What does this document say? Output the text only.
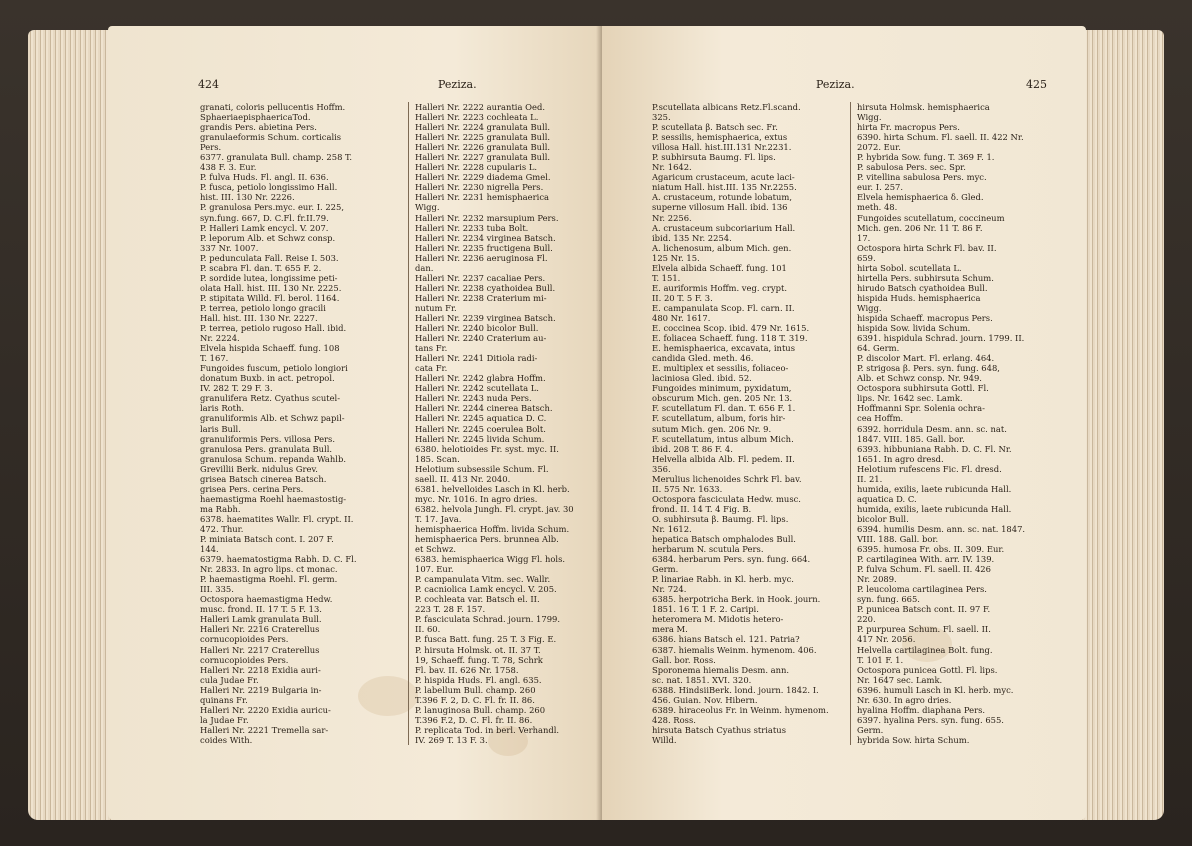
424	Peziza.
granati, coloris pellucentis Hoffm.
SphaeriaepisphaericaTod.
grandis Pers. abietina Pers.
granulaeformis Schum. corticalis
Pers.
6377. granulata Bull. champ. 258 T.
438 F. 3. Eur.
P. fulva Huds. Fl. angl. II. 636.
P. fusca, petiolo longissimo Hall.
hist. III. 130 Nr. 2226.
P. granulosa Pers.myc. eur. I. 225,
syn.fung. 667, D. C.Fl. fr.II.79.
P. Halleri Lamk encycl. V. 207.
P. leporum Alb. et Schwz consp.
337 Nr. 1007.
P. pedunculata Fall. Reise I. 503.
P. scabra Fl. dan. T. 655 F. 2.
P. sordide lutea, longissime peti-
olata Hall. hist. III. 130 Nr. 2225.
P. stipitata Willd. Fl. berol. 1164.
P. terrea, petiolo longo gracili
Hall. hist. III. 130 Nr. 2227.
P. terrea, petiolo rugoso Hall. ibid.
Nr. 2224.
Elvela hispida Schaeff. fung. 108
T. 167.
Fungoides fuscum, petiolo longiori
donatum Buxb. in act. petropol.
IV. 282 T. 29 F. 3.
granulifera Retz. Cyathus scutel-
laris Roth.
granuliformis Alb. et Schwz papil-
laris Bull.
granuliformis Pers. villosa Pers.
granulosa Pers. granulata Bull.
granulosa Schum. repanda Wahlb.
Grevillii Berk. nidulus Grev.
grisea Batsch cinerea Batsch.
grisea Pers. cerina Pers.
haemastigma Roehl haemastostig-
ma Rabh.
6378. haematites Wallr. Fl. crypt. II.
472. Thur.
P. miniata Batsch cont. I. 207 F.
144.
6379. haematostigma Rabh. D. C. Fl.
Nr. 2833. In agro lips. ct monac.
P. haemastigma Roehl. Fl. germ.
III. 335.
Octospora haemastigma Hedw.
musc. frond. II. 17 T. 5 F. 13.
Halleri Lamk granulata Bull.
Halleri Nr. 2216 Craterellus
cornucopioides Pers.
Halleri Nr. 2217 Craterellus
cornucopioides Pers.
Halleri Nr. 2218 Exidia auri-
cula Judae Fr.
Halleri Nr. 2219 Bulgaria in-
quinans Fr.
Halleri Nr. 2220 Exidia auricu-
la Judae Fr.
Halleri Nr. 2221 Tremella sar-
coides With.
Halleri Nr. 2222 aurantia Oed.
Halleri Nr. 2223 cochleata L.
Halleri Nr. 2224 granulata Bull.
Halleri Nr. 2225 granulata Bull.
Halleri Nr. 2226 granulata Bull.
Halleri Nr. 2227 granulata Bull.
Halleri Nr. 2228 cupularis L.
Halleri Nr. 2229 diadema Gmel.
Halleri Nr. 2230 nigrella Pers.
Halleri Nr. 2231 hemisphaerica
Wigg.
Halleri Nr. 2232 marsupium Pers.
Halleri Nr. 2233 tuba Bolt.
Halleri Nr. 2234 virginea Batsch.
Halleri Nr. 2235 fructigena Bull.
Halleri Nr. 2236 aeruginosa Fl.
dan.
Halleri Nr. 2237 cacaliae Pers.
Halleri Nr. 2238 cyathoidea Bull.
Halleri Nr. 2238 Craterium mi-
nutum Fr.
Halleri Nr. 2239 virginea Batsch.
Halleri Nr. 2240 bicolor Bull.
Halleri Nr. 2240 Craterium au-
tans Fr.
Halleri Nr. 2241 Ditiola radi-
cata Fr.
Halleri Nr. 2242 glabra Hoffm.
Halleri Nr. 2242 scutellata L.
Halleri Nr. 2243 nuda Pers.
Halleri Nr. 2244 cinerea Batsch.
Halleri Nr. 2245 aquatica D. C.
Halleri Nr. 2245 coerulea Bolt.
Halleri Nr. 2245 livida Schum.
6380. helotioides Fr. syst. myc. II.
185. Scan.
Helotium subsessile Schum. Fl.
saell. II. 413 Nr. 2040.
6381. helvelloides Lasch in Kl. herb.
myc. Nr. 1016. In agro dries.
6382. helvola Jungh. Fl. crypt. jav. 30
T. 17. Java.
hemisphaerica Hoffm. livida Schum.
hemisphaerica Pers. brunnea Alb.
et Schwz.
6383. hemisphaerica Wigg Fl. hols.
107. Eur.
P. campanulata Vitm. sec. Wallr.
P. cacniolica Lamk encycl. V. 205.
P. cochleata var. Batsch el. II.
223 T. 28 F. 157.
P. fasciculata Schrad. journ. 1799.
II. 60.
P. fusca Batt. fung. 25 T. 3 Fig. E.
P. hirsuta Holmsk. ot. II. 37 T.
19, Schaeff. fung. T. 78, Schrk
Fl. bav. II. 626 Nr. 1758.
P. hispida Huds. Fl. angl. 635.
P. labellum Bull. champ. 260
T.396 F. 2, D. C. Fl. fr. II. 86.
P. lanuginosa Bull. champ. 260
T.396 F.2, D. C. Fl. fr. II. 86.
P. replicata Tod. in berl. Verhandl.
IV. 269 T. 13 F. 3.
Peziza.	425
P.scutellata albicans Retz.Fl.scand.
325.
P. scutellata β. Batsch sec. Fr.
P. sessilis, hemisphaerica, extus
villosa Hall. hist.III.131 Nr.2231.
P. subhirsuta Baumg. Fl. lips.
Nr. 1642.
Agaricum crustaceum, acute laci-
niatum Hall. hist.III. 135 Nr.2255.
A. crustaceum, rotunde lobatum,
superne villosum Hall. ibid. 136
Nr. 2256.
A. crustaceum subcoriarium Hall.
ibid. 135 Nr. 2254.
A. lichenosum, album Mich. gen.
125 Nr. 15.
Elvela albida Schaeff. fung. 101
T. 151.
E. auriformis Hoffm. veg. crypt.
II. 20 T. 5 F. 3.
E. campanulata Scop. Fl. carn. II.
480 Nr. 1617.
E. coccinea Scop. ibid. 479 Nr. 1615.
E. foliacea Schaeff. fung. 118 T. 319.
E. hemisphaerica, excavata, intus
candida Gled. meth. 46.
E. multiplex et sessilis, foliaceo-
laciniosa Gled. ibid. 52.
Fungoides minimum, pyxidatum,
obscurum Mich. gen. 205 Nr. 13.
F. scutellatum Fl. dan. T. 656 F. 1.
F. scutellatum, album, foris hir-
sutum Mich. gen. 206 Nr. 9.
F. scutellatum, intus album Mich.
ibid. 208 T. 86 F. 4.
Helvella albida Alb. Fl. pedem. II.
356.
Merulius lichenoides Schrk Fl. bav.
II. 575 Nr. 1633.
Octospora fasciculata Hedw. musc.
frond. II. 14 T. 4 Fig. B.
O. subhirsuta β. Baumg. Fl. lips.
Nr. 1612.
hepatica Batsch omphalodes Bull.
herbarum N. scutula Pers.
6384. herbarum Pers. syn. fung. 664.
Germ.
P. linariae Rabh. in Kl. herb. myc.
Nr. 724.
6385. herpotricha Berk. in Hook. journ.
1851. 16 T. 1 F. 2. Caripi.
heteromera M. Midotis hetero-
mera M.
6386. hians Batsch el. 121. Patria?
6387. hiemalis Weinm. hymenom. 406.
Gall. bor. Ross.
Sporonema hiemalis Desm. ann.
sc. nat. 1851. XVI. 320.
6388. HindsiiBerk. lond. journ. 1842. I.
456. Guian. Nov. Hibern.
6389. hiraceolus Fr. in Weinm. hymenom.
428. Ross.
hirsuta Batsch Cyathus striatus
Willd.
hirsuta Holmsk. hemisphaerica
Wigg.
hirta Fr. macropus Pers.
6390. hirta Schum. Fl. saell. II. 422 Nr.
2072. Eur.
P. hybrida Sow. fung. T. 369 F. 1.
P. sabulosa Pers. sec. Spr.
P. vitellina sabulosa Pers. myc.
eur. I. 257.
Elvela hemisphaerica δ. Gled.
meth. 48.
Fungoides scutellatum, coccineum
Mich. gen. 206 Nr. 11 T. 86 F.
17.
Octospora hirta Schrk Fl. bav. II.
659.
hirta Sobol. scutellata L.
hirtella Pers. subhirsuta Schum.
hirudo Batsch cyathoidea Bull.
hispida Huds. hemisphaerica
Wigg.
hispida Schaeff. macropus Pers.
hispida Sow. livida Schum.
6391. hispidula Schrad. journ. 1799. II.
64. Germ.
P. discolor Mart. Fl. erlang. 464.
P. strigosa β. Pers. syn. fung. 648,
Alb. et Schwz consp. Nr. 949.
Octospora subhirsuta Gottl. Fl.
lips. Nr. 1642 sec. Lamk.
Hoffmanni Spr. Solenia ochra-
cea Hoffm.
6392. horridula Desm. ann. sc. nat.
1847. VIII. 185. Gall. bor.
6393. hibbuniana Rabh. D. C. Fl. Nr.
1651. In agro dresd.
Helotium rufescens Fic. Fl. dresd.
II. 21.
humida, exilis, laete rubicunda Hall.
aquatica D. C.
humida, exilis, laete rubicunda Hall.
bicolor Bull.
6394. humilis Desm. ann. sc. nat. 1847.
VIII. 188. Gall. bor.
6395. humosa Fr. obs. II. 309. Eur.
P. cartilaginea With. arr. IV. 139.
P. fulva Schum. Fl. saell. II. 426
Nr. 2089.
P. leucoloma cartilaginea Pers.
syn. fung. 665.
P. punicea Batsch cont. II. 97 F.
220.
P. purpurea Schum. Fl. saell. II.
417 Nr. 2056.
Helvella cartilaginea Bolt. fung.
T. 101 F. 1.
Octospora punicea Gottl. Fl. lips.
Nr. 1647 sec. Lamk.
6396. humuli Lasch in Kl. herb. myc.
Nr. 630. In agro dries.
hyalina Hoffm. diaphana Pers.
6397. hyalina Pers. syn. fung. 655.
Germ.
hybrida Sow. hirta Schum.
